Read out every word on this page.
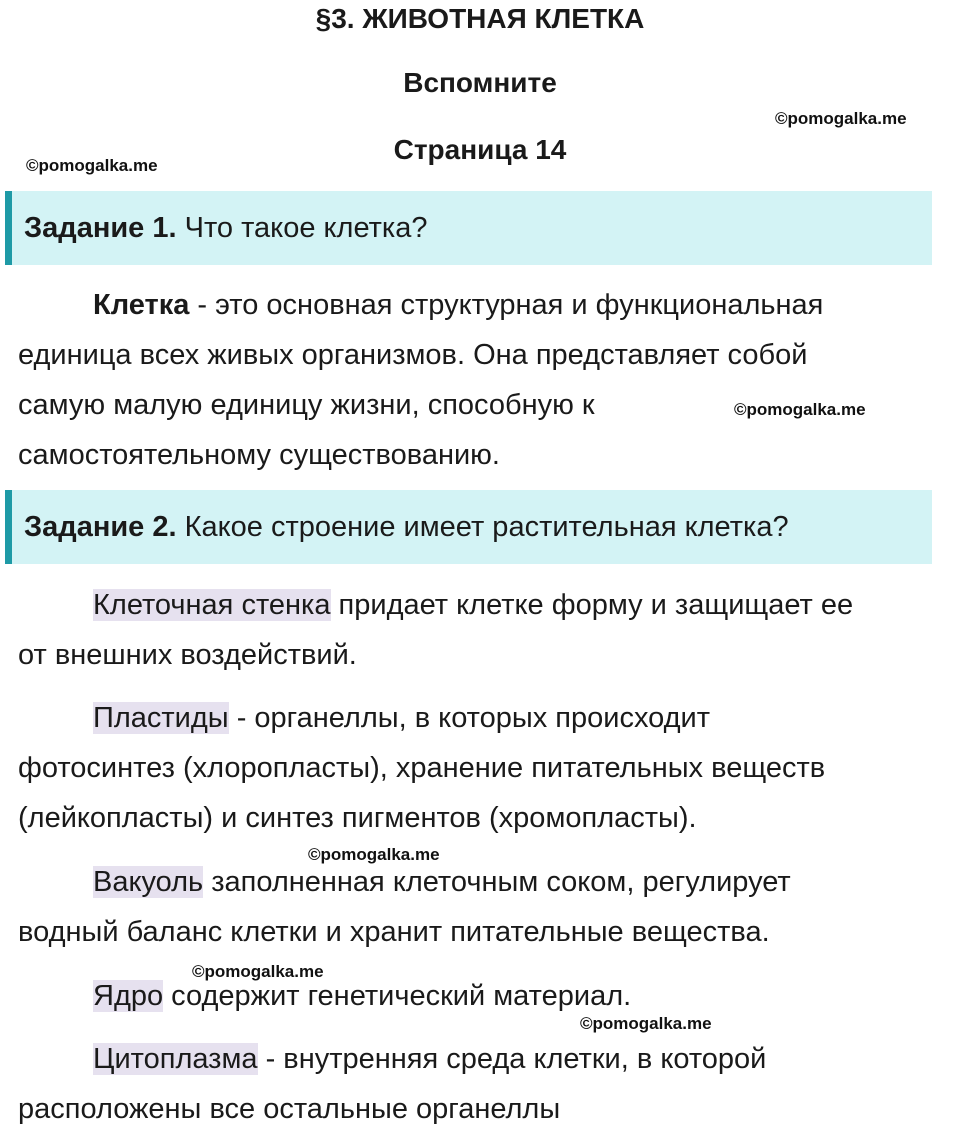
§3. ЖИВОТНАЯ КЛЕТКА
Вспомните
Страница 14
©pomogalka.me
©pomogalka.me
©pomogalka.me
©pomogalka.me
©pomogalka.me
©pomogalka.me
Задание 1. Что такое клетка?
Клетка - это основная структурная и функциональная
единица всех живых организмов. Она представляет собой
самую малую единицу жизни, способную к
самостоятельному существованию.
Задание 2. Какое строение имеет растительная клетка?
Клеточная стенка придает клетке форму и защищает ее
от внешних воздействий.
Пластиды - органеллы, в которых происходит
фотосинтез (хлоропласты), хранение питательных веществ
(лейкопласты) и синтез пигментов (хромопласты).
Вакуоль заполненная клеточным соком, регулирует
водный баланс клетки и хранит питательные вещества.
Ядро содержит генетический материал.
Цитоплазма - внутренняя среда клетки, в которой
расположены все остальные органеллы
